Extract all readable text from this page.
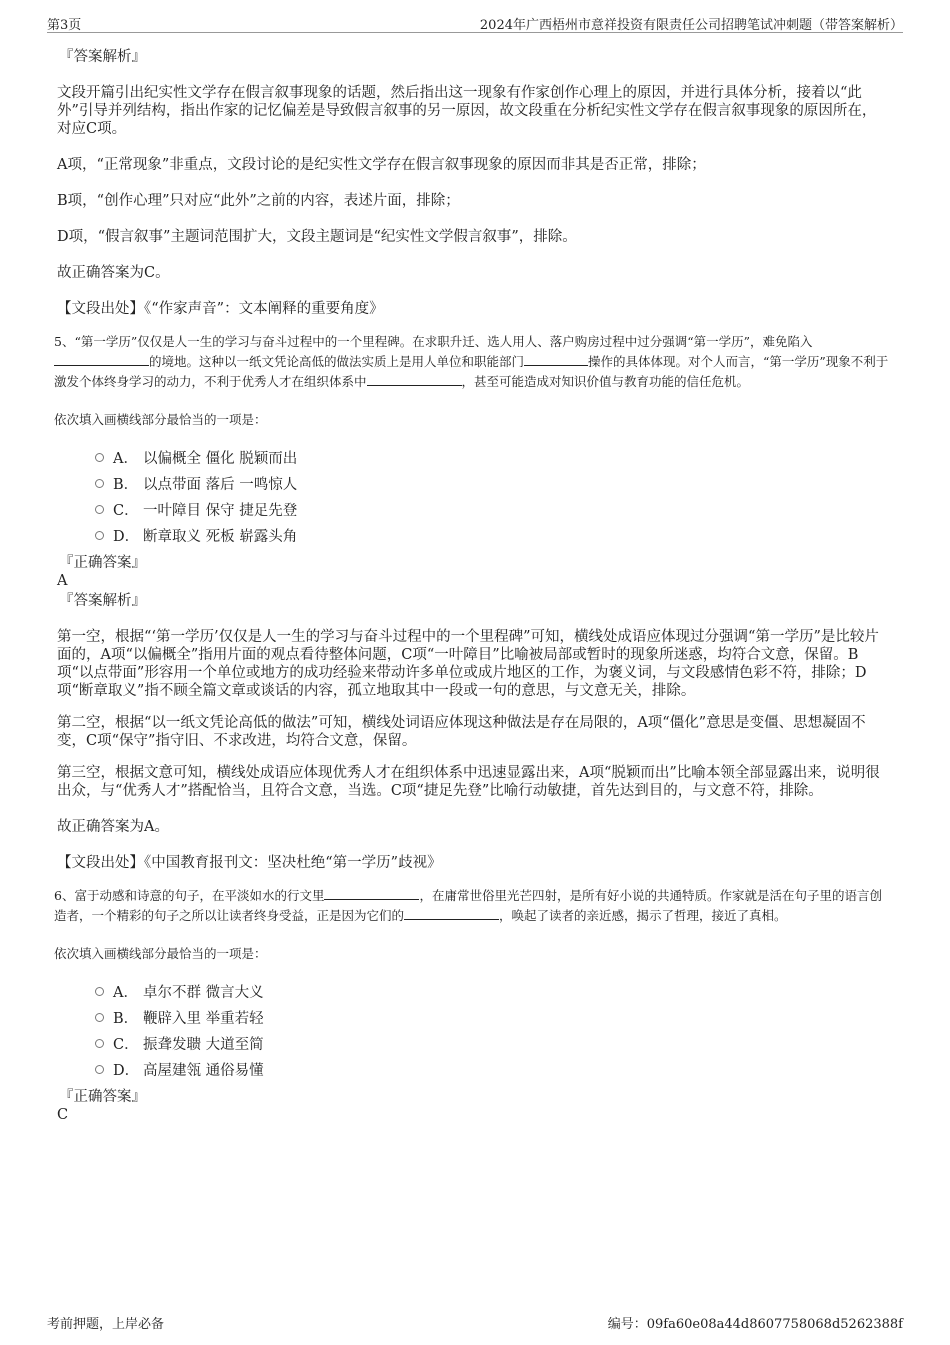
第3页	2024年广西梧州市意祥投资有限责任公司招聘笔试冲刺题（带答案解析）

『答案解析』

文段开篇引出纪实性文学存在假言叙事现象的话题，然后指出这一现象有作家创作心理上的原因，并进行具体分析，接着以“此外”引导并列结构，指出作家的记忆偏差是导致假言叙事的另一原因，故文段重在分析纪实性文学存在假言叙事现象的原因所在，对应C项。

A项，“正常现象”非重点，文段讨论的是纪实性文学存在假言叙事现象的原因而非其是否正常，排除；

B项，“创作心理”只对应“此外”之前的内容，表述片面，排除；

D项，“假言叙事”主题词范围扩大，文段主题词是“纪实性文学假言叙事”，排除。

故正确答案为C。

【文段出处】《“作家声音”：文本阐释的重要角度》

5、“第一学历”仅仅是人一生的学习与奋斗过程中的一个里程碑。在求职升迁、选人用人、落户购房过程中过分强调“第一学历”，难免陷入的境地。这种以一纸文凭论高低的做法实质上是用人单位和职能部门	操作的具体体现。对个人而言，“第一学历”现象不利于激发个体终身学习的动力，不利于优秀人才在组织体系中	，甚至可能造成对知识价值与教育功能的信任危机。

依次填入画横线部分最恰当的一项是：

A． 以偏概全 僵化 脱颖而出
B． 以点带面 落后 一鸣惊人
C． 一叶障目 保守 捷足先登
D． 断章取义 死板 崭露头角

『正确答案』

A

『答案解析』

第一空，根据“‘第一学历’仅仅是人一生的学习与奋斗过程中的一个里程碑”可知，横线处成语应体现过分强调“第一学历”是比较片面的，A项“以偏概全”指用片面的观点看待整体问题，C项“一叶障目”比喻被局部或暂时的现象所迷惑，均符合文意，保留。B项“以点带面”形容用一个单位或地方的成功经验来带动许多单位或成片地区的工作，为褒义词，与文段感情色彩不符，排除；D项“断章取义”指不顾全篇文章或谈话的内容，孤立地取其中一段或一句的意思，与文意无关，排除。

第二空，根据“以一纸文凭论高低的做法”可知，横线处词语应体现这种做法是存在局限的，A项“僵化”意思是变僵、思想凝固不变，C项“保守”指守旧、不求改进，均符合文意，保留。

第三空，根据文意可知，横线处成语应体现优秀人才在组织体系中迅速显露出来，A项“脱颖而出”比喻本领全部显露出来，说明很出众，与“优秀人才”搭配恰当，且符合文意，当选。C项“捷足先登”比喻行动敏捷，首先达到目的，与文意不符，排除。

故正确答案为A。

【文段出处】《中国教育报刊文：坚决杜绝“第一学历”歧视》

6、富于动感和诗意的句子，在平淡如水的行文里	，在庸常世俗里光芒四射，是所有好小说的共通特质。作家就是活在句子里的语言创造者，一个精彩的句子之所以让读者终身受益，正是因为它们的	，唤起了读者的亲近感，揭示了哲理，接近了真相。

依次填入画横线部分最恰当的一项是：

A． 卓尔不群 微言大义
B． 鞭辟入里 举重若轻
C． 振聋发聩 大道至简
D． 高屋建瓴 通俗易懂

『正确答案』

C

考前押题，上岸必备	编号：09fa60e08a44d8607758068d5262388f
